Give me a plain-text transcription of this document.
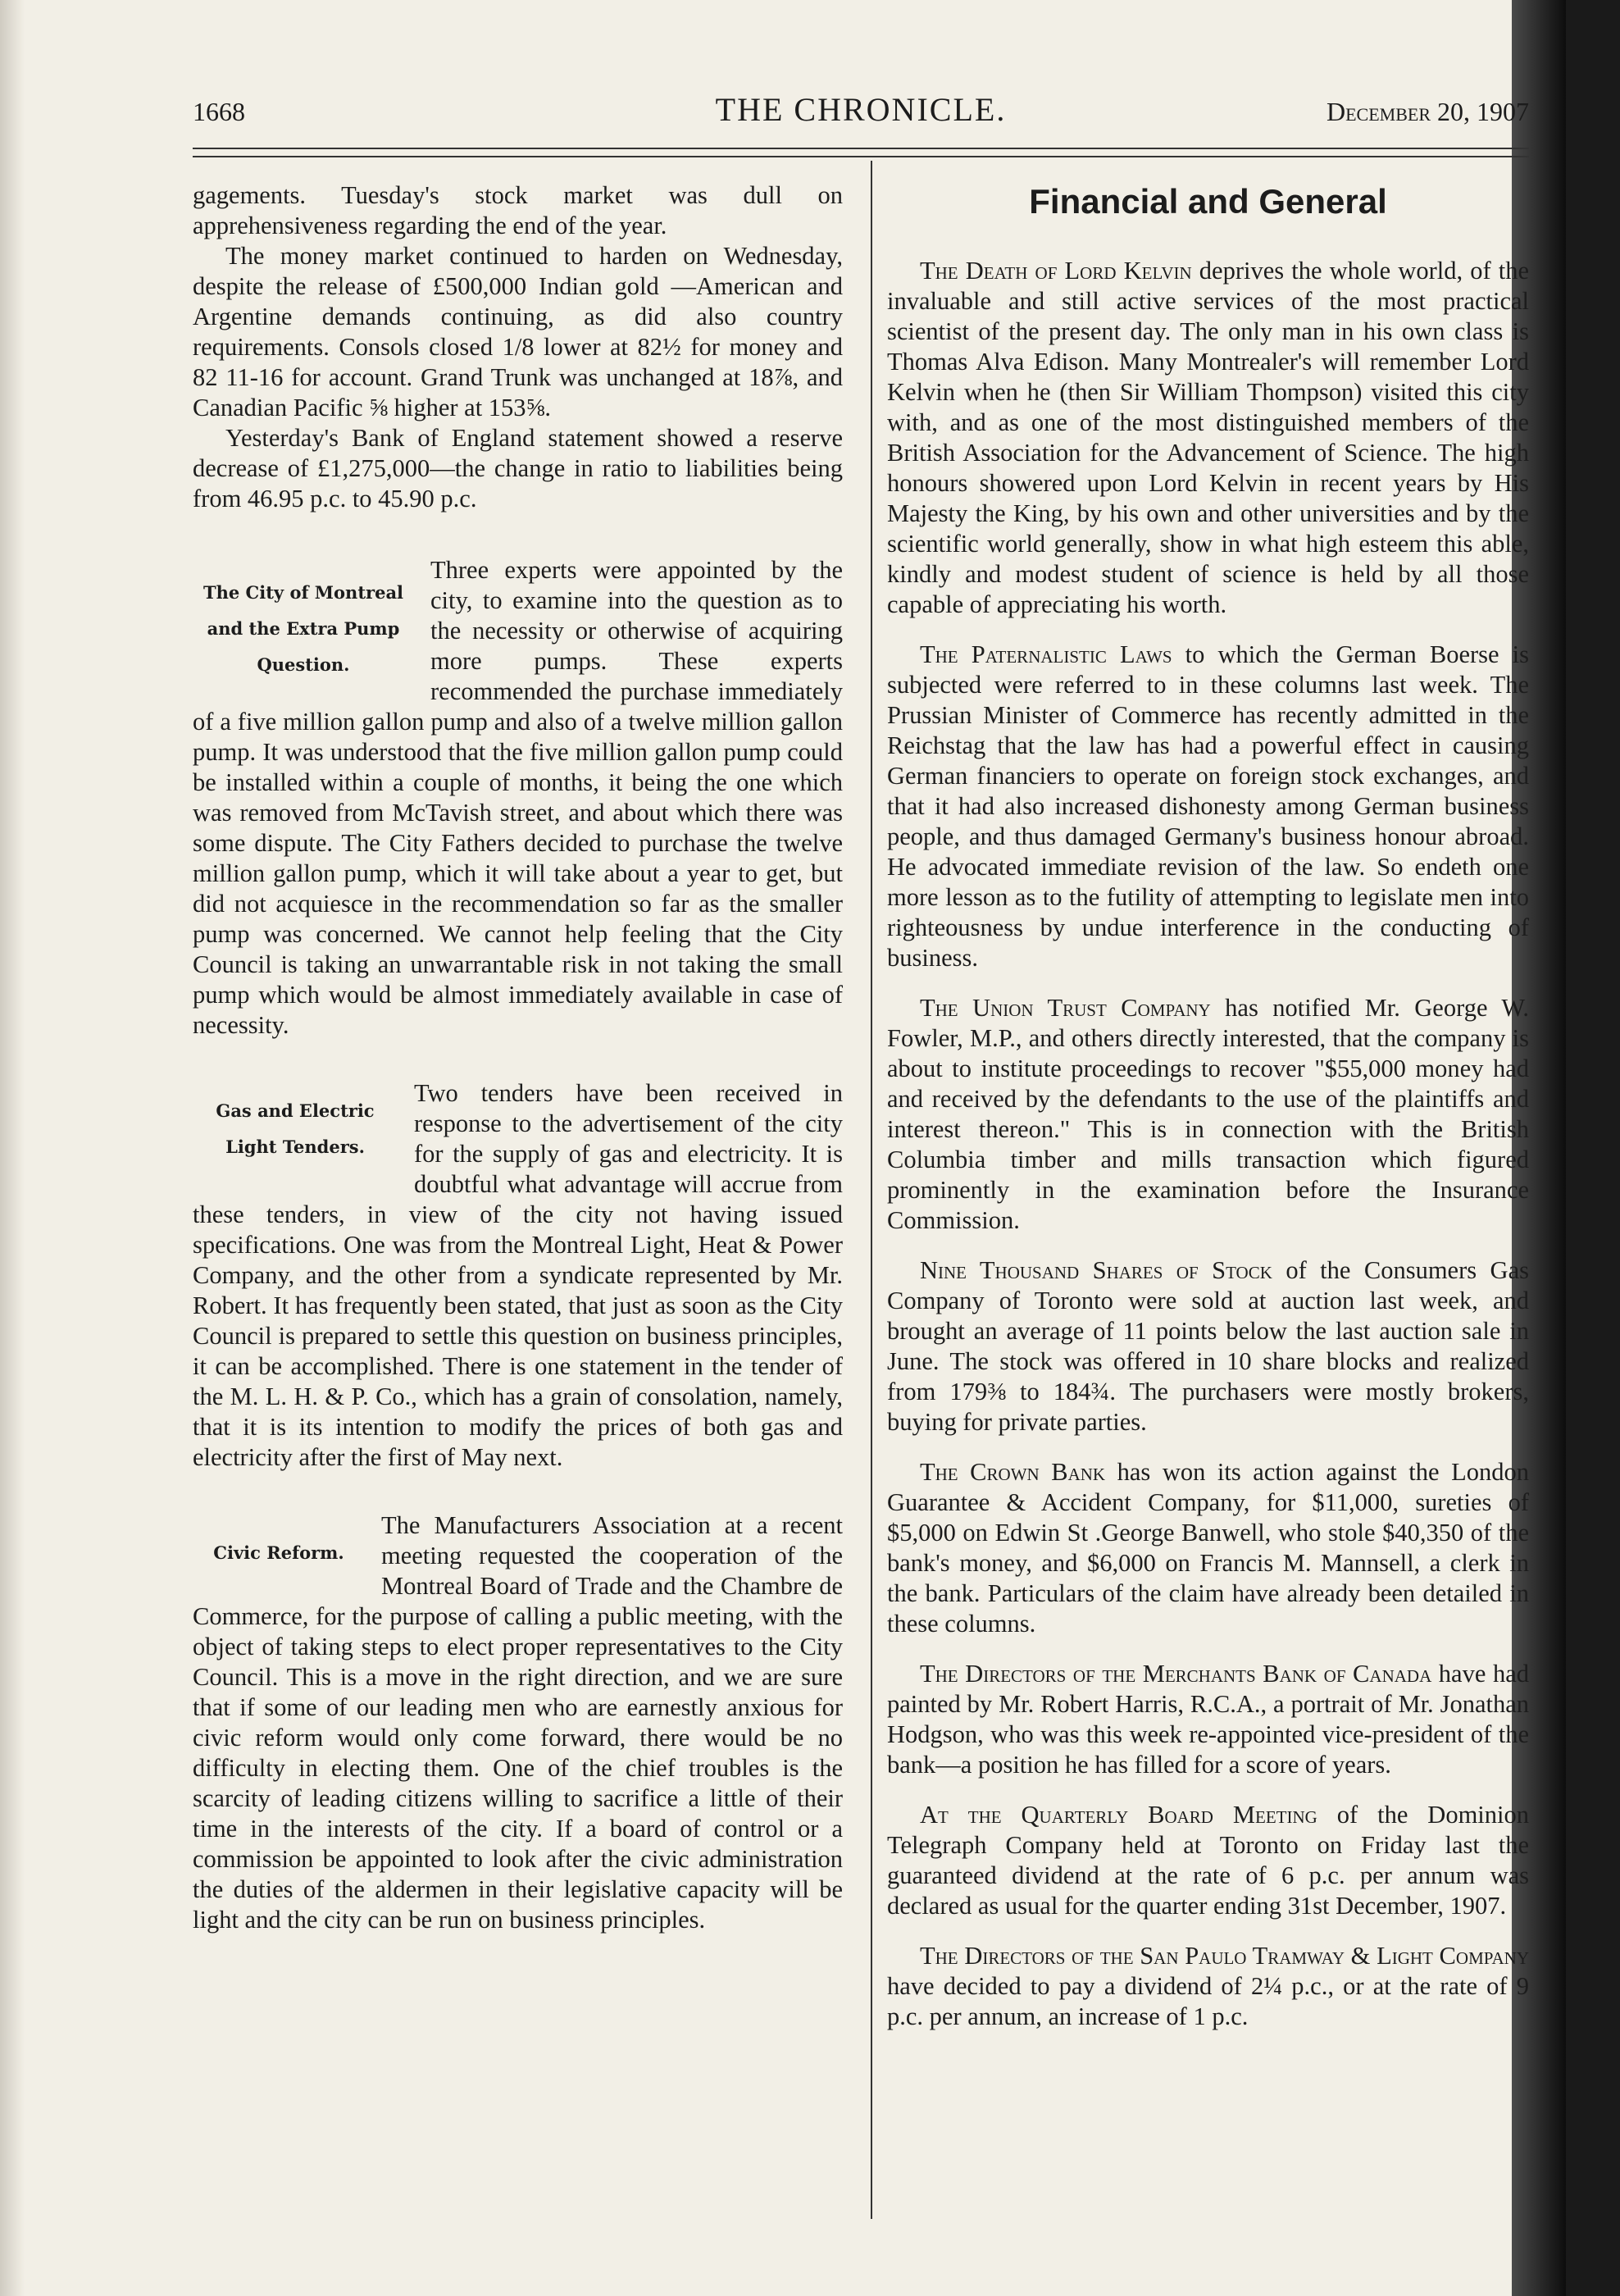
1668	THE CHRONICLE.	December 20, 1907

gagements. Tuesday's stock market was dull on apprehensiveness regarding the end of the year.

The money market continued to harden on Wednesday, despite the release of £500,000 Indian gold —American and Argentine demands continuing, as did also country requirements. Consols closed 1/8 lower at 82½ for money and 82 11-16 for account. Grand Trunk was unchanged at 18⅞, and Canadian Pacific ⅝ higher at 153⅝.

Yesterday's Bank of England statement showed a reserve decrease of £1,275,000—the change in ratio to liabilities being from 46.95 p.c. to 45.90 p.c.

The City of Montreal and the Extra Pump Question.

Three experts were appointed by the city, to examine into the question as to the necessity or otherwise of acquiring more pumps. These experts recommended the purchase immediately of a five million gallon pump and also of a twelve million gallon pump. It was understood that the five million gallon pump could be installed within a couple of months, it being the one which was removed from McTavish street, and about which there was some dispute. The City Fathers decided to purchase the twelve million gallon pump, which it will take about a year to get, but did not acquiesce in the recommendation so far as the smaller pump was concerned. We cannot help feeling that the City Council is taking an unwarrantable risk in not taking the small pump which would be almost immediately available in case of necessity.

Gas and Electric Light Tenders.

Two tenders have been received in response to the advertisement of the city for the supply of gas and electricity. It is doubtful what advantage will accrue from these tenders, in view of the city not having issued specifications. One was from the Montreal Light, Heat & Power Company, and the other from a syndicate represented by Mr. Robert. It has frequently been stated, that just as soon as the City Council is prepared to settle this question on business principles, it can be accomplished. There is one statement in the tender of the M. L. H. & P. Co., which has a grain of consolation, namely, that it is its intention to modify the prices of both gas and electricity after the first of May next.

Civic Reform.

The Manufacturers Association at a recent meeting requested the cooperation of the Montreal Board of Trade and the Chambre de Commerce, for the purpose of calling a public meeting, with the object of taking steps to elect proper representatives to the City Council. This is a move in the right direction, and we are sure that if some of our leading men who are earnestly anxious for civic reform would only come forward, there would be no difficulty in electing them. One of the chief troubles is the scarcity of leading citizens willing to sacrifice a little of their time in the interests of the city. If a board of control or a commission be appointed to look after the civic administration the duties of the aldermen in their legislative capacity will be light and the city can be run on business principles.

Financial and General

The Death of Lord Kelvin deprives the whole world, of the invaluable and still active services of the most practical scientist of the present day. The only man in his own class is Thomas Alva Edison. Many Montrealer's will remember Lord Kelvin when he (then Sir William Thompson) visited this city with, and as one of the most distinguished members of the British Association for the Advancement of Science. The high honours showered upon Lord Kelvin in recent years by His Majesty the King, by his own and other universities and by the scientific world generally, show in what high esteem this able, kindly and modest student of science is held by all those capable of appreciating his worth.

The Paternalistic Laws to which the German Boerse is subjected were referred to in these columns last week. The Prussian Minister of Commerce has recently admitted in the Reichstag that the law has had a powerful effect in causing German financiers to operate on foreign stock exchanges, and that it had also increased dishonesty among German business people, and thus damaged Germany's business honour abroad. He advocated immediate revision of the law. So endeth one more lesson as to the futility of attempting to legislate men into righteousness by undue interference in the conducting of business.

The Union Trust Company has notified Mr. George W. Fowler, M.P., and others directly interested, that the company is about to institute proceedings to recover "$55,000 money had and received by the defendants to the use of the plaintiffs and interest thereon." This is in connection with the British Columbia timber and mills transaction which figured prominently in the examination before the Insurance Commission.

Nine Thousand Shares of Stock of the Consumers Gas Company of Toronto were sold at auction last week, and brought an average of 11 points below the last auction sale in June. The stock was offered in 10 share blocks and realized from 179⅜ to 184¾. The purchasers were mostly brokers, buying for private parties.

The Crown Bank has won its action against the London Guarantee & Accident Company, for $11,000, sureties of $5,000 on Edwin St .George Banwell, who stole $40,350 of the bank's money, and $6,000 on Francis M. Mannsell, a clerk in the bank. Particulars of the claim have already been detailed in these columns.

The Directors of the Merchants Bank of Canada have had painted by Mr. Robert Harris, R.C.A., a portrait of Mr. Jonathan Hodgson, who was this week re-appointed vice-president of the bank—a position he has filled for a score of years.

At the Quarterly Board Meeting of the Dominion Telegraph Company held at Toronto on Friday last the guaranteed dividend at the rate of 6 p.c. per annum was declared as usual for the quarter ending 31st December, 1907.

The Directors of the San Paulo Tramway & Light Company have decided to pay a dividend of 2¼ p.c., or at the rate of 9 p.c. per annum, an increase of 1 p.c.
